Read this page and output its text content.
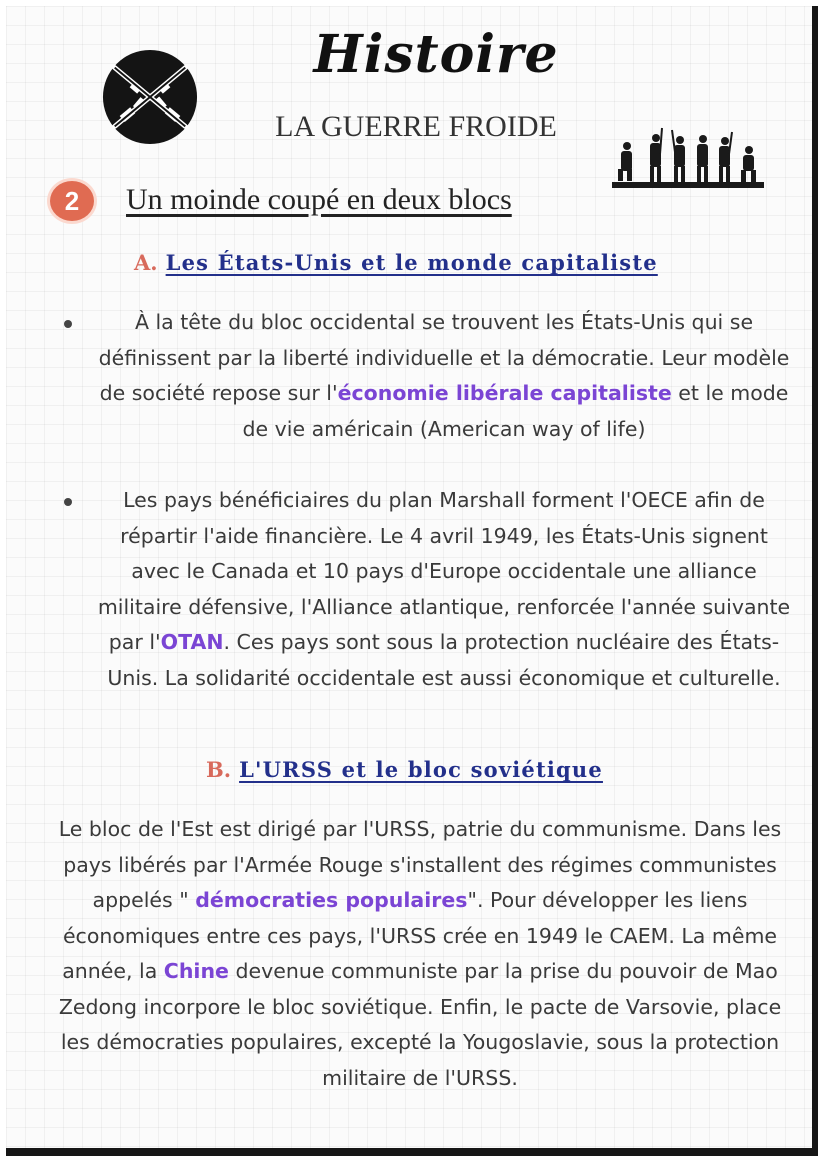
Histoire
LA GUERRE FROIDE
2	Un moinde coupé en deux blocs
A. Les États-Unis et le monde capitaliste
À la tête du bloc occidental se trouvent les États-Unis qui se définissent par la liberté individuelle et la démocratie. Leur modèle de société repose sur l'économie libérale capitaliste et le mode de vie américain (American way of life)
Les pays bénéficiaires du plan Marshall forment l'OECE afin de répartir l'aide financière. Le 4 avril 1949, les États-Unis signent avec le Canada et 10 pays d'Europe occidentale une alliance militaire défensive, l'Alliance atlantique, renforcée l'année suivante par l'OTAN. Ces pays sont sous la protection nucléaire des États-Unis. La solidarité occidentale est aussi économique et culturelle.
B. L'URSS et le bloc soviétique
Le bloc de l'Est est dirigé par l'URSS, patrie du communisme. Dans les pays libérés par l'Armée Rouge s'installent des régimes communistes appelés " démocraties populaires". Pour développer les liens économiques entre ces pays, l'URSS crée en 1949 le CAEM. La même année, la Chine devenue communiste par la prise du pouvoir de Mao Zedong incorpore le bloc soviétique. Enfin, le pacte de Varsovie, place les démocraties populaires, excepté la Yougoslavie, sous la protection militaire de l'URSS.
